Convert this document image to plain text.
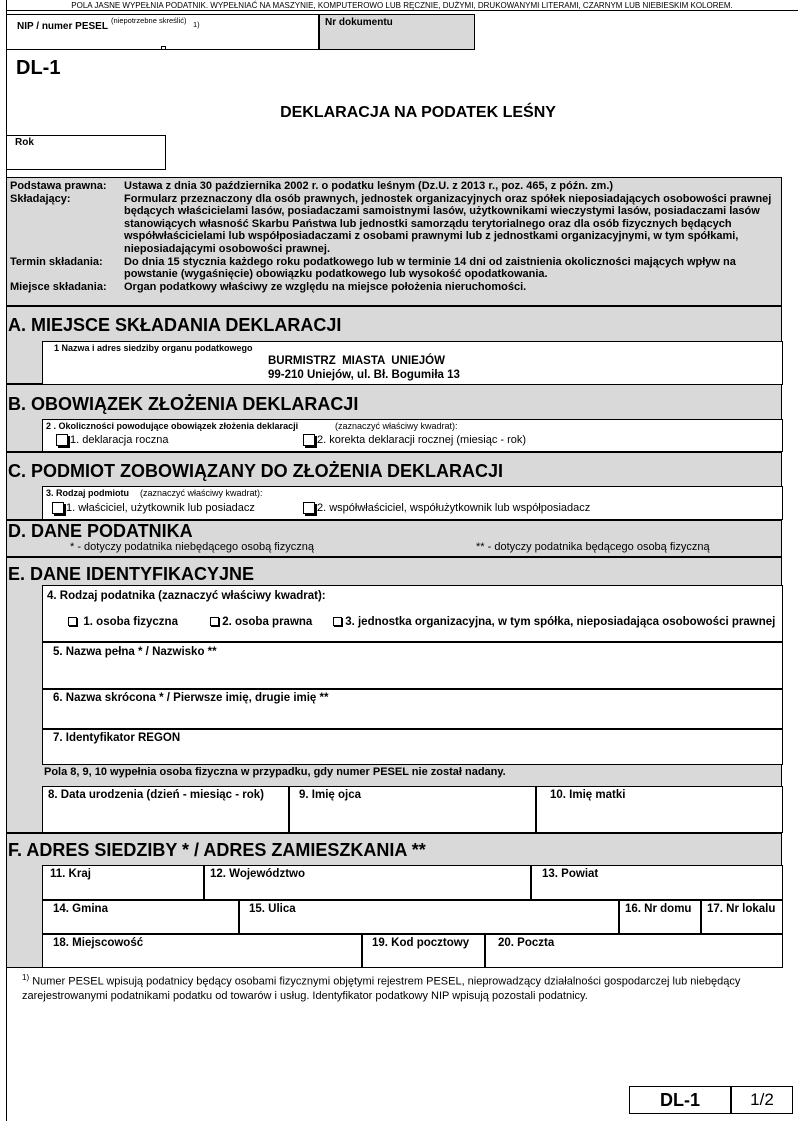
POLA JASNE WYPEŁNIA PODATNIK. WYPEŁNIAĆ NA MASZYNIE, KOMPUTEROWO LUB RĘCZNIE, DUŻYMI, DRUKOWANYMI LITERAMI, CZARNYM LUB NIEBIESKIM KOLOREM.
NIP / numer PESEL
(niepotrzebne skreślić) 1)	Nr dokumentu
DL-1
DEKLARACJA NA PODATEK LEŚNY
Rok
Podstawa prawna:	Ustawa z dnia 30 października 2002 r. o podatku leśnym (Dz.U. z 2013 r., poz. 465, z późn. zm.)
Składający:	Formularz przeznaczony dla osób prawnych, jednostek organizacyjnych oraz spółek nieposiadających osobowości prawnej będących właścicielami lasów, posiadaczami samoistnymi lasów, użytkownikami wieczystymi lasów, posiadaczami lasów stanowiących własność Skarbu Państwa lub jednostki samorządu terytorialnego oraz dla osób fizycznych będących współwłaścicielami lub współposiadaczami z osobami prawnymi lub z jednostkami organizacyjnymi, w tym spółkami, nieposiadającymi osobowości prawnej.
Termin składania:	Do dnia 15 stycznia każdego roku podatkowego lub w terminie 14 dni od zaistnienia okoliczności mających wpływ na powstanie (wygaśnięcie) obowiązku podatkowego lub wysokość opodatkowania.
Miejsce składania:	Organ podatkowy właściwy ze względu na miejsce położenia nieruchomości.
A. MIEJSCE SKŁADANIA DEKLARACJI
1 Nazwa i adres siedziby organu podatkowego
BURMISTRZ  MIASTA  UNIEJÓW
99-210 Uniejów, ul. Bł. Bogumiła 13
B. OBOWIĄZEK ZŁOŻENIA DEKLARACJI
2 . Okoliczności powodujące obowiązek złożenia deklaracji	(zaznaczyć właściwy kwadrat):
1. deklaracja roczna	2. korekta deklaracji rocznej (miesiąc - rok)
C. PODMIOT ZOBOWIĄZANY DO ZŁOŻENIA DEKLARACJI
3. Rodzaj podmiotu (zaznaczyć właściwy kwadrat):
1. właściciel, użytkownik lub posiadacz	2. współwłaściciel, współużytkownik lub współposiadacz
D. DANE PODATNIKA
* - dotyczy podatnika niebędącego osobą fizyczną	** - dotyczy podatnika będącego osobą fizyczną
E. DANE IDENTYFIKACYJNE
4. Rodzaj podatnika (zaznaczyć właściwy kwadrat):
1. osoba fizyczna	2. osoba prawna	3. jednostka organizacyjna, w tym spółka, nieposiadająca osobowości prawnej
5. Nazwa pełna * / Nazwisko **
6. Nazwa skrócona * / Pierwsze imię, drugie imię **
7. Identyfikator REGON
Pola 8, 9, 10 wypełnia osoba fizyczna w przypadku, gdy numer PESEL nie został nadany.
8. Data urodzenia (dzień - miesiąc - rok)	9. Imię ojca	10. Imię matki
F. ADRES SIEDZIBY * / ADRES ZAMIESZKANIA **
11. Kraj	12. Województwo	13. Powiat
14. Gmina	15. Ulica	16. Nr domu 17. Nr lokalu
18. Miejscowość	19. Kod pocztowy	20. Poczta
$^{1)}$ Numer PESEL wpisują podatnicy będący osobami fizycznymi objętymi rejestrem PESEL, nieprowadzący działalności gospodarczej lub niebędący zarejestrowanymi podatnikami podatku od towarów i usług. Identyfikator podatkowy NIP wpisują pozostali podatnicy.
DL-1	1/2
